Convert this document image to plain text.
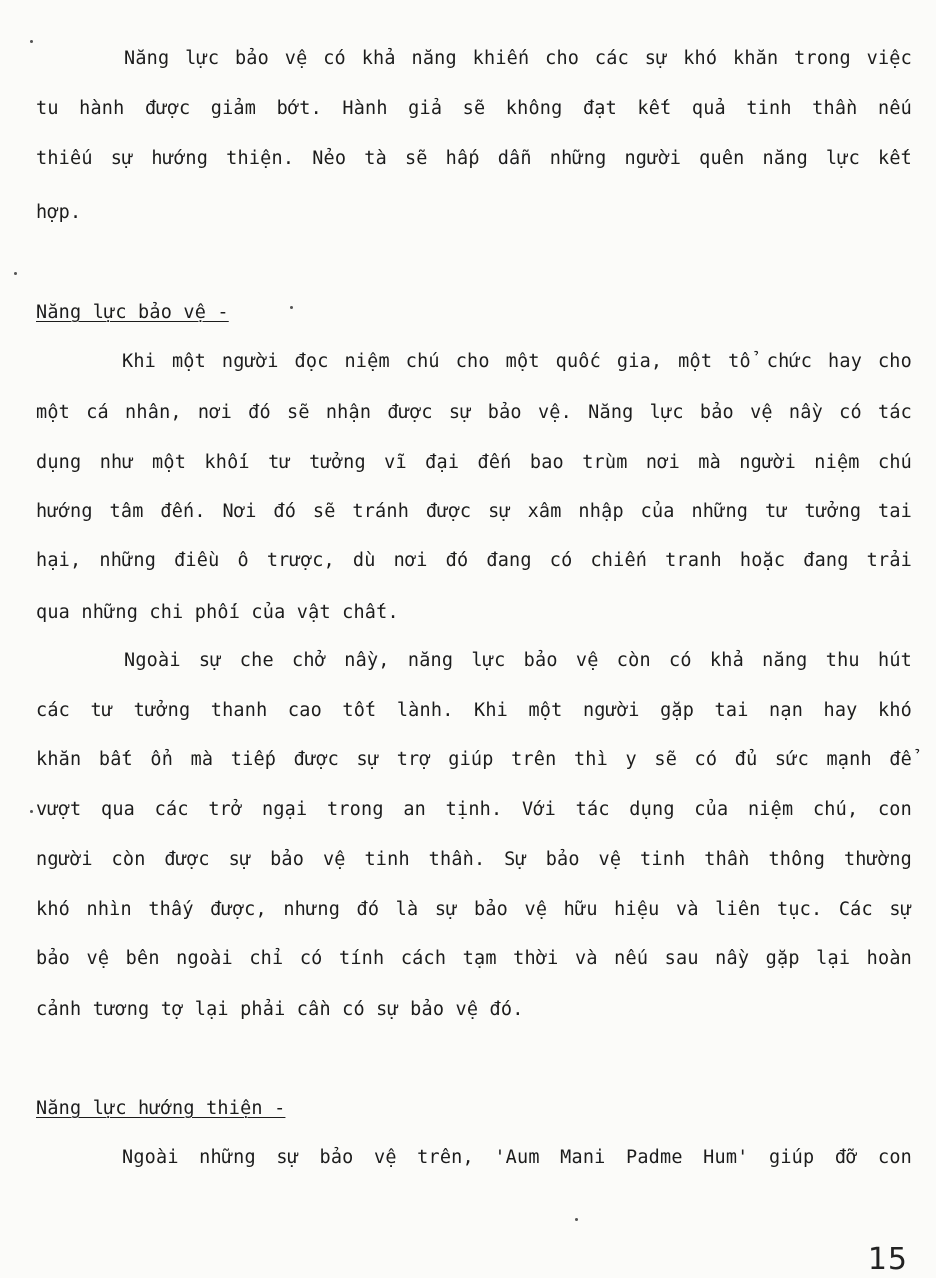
Năng lực bảo vệ có khả năng khiến cho các sự khó khăn trong việc
tu hành được giảm bớt. Hành giả sẽ không đạt kết quả tinh thần nếu
thiếu sự hướng thiện. Nẻo tà sẽ hấp dẫn những người quên năng lực kết
hợp.
Năng lực bảo vệ -
Khi một người đọc niệm chú cho một quốc gia, một tổ chức hay cho
một cá nhân, nơi đó sẽ nhận được sự bảo vệ. Năng lực bảo vệ nầy có tác
dụng như một khối tư tưởng vĩ đại đến bao trùm nơi mà người niệm chú
hướng tâm đến. Nơi đó sẽ tránh được sự xâm nhập của những tư tưởng tai
hại, những điều ô trược, dù nơi đó đang có chiến tranh hoặc đang trải
qua những chi phối của vật chất.
Ngoài sự che chở nầy, năng lực bảo vệ còn có khả năng thu hút
các tư tưởng thanh cao tốt lành. Khi một người gặp tai nạn hay khó
khăn bất ổn mà tiếp được sự trợ giúp trên thì y sẽ có đủ sức mạnh để
vượt qua các trở ngại trong an tịnh. Với tác dụng của niệm chú, con
người còn được sự bảo vệ tinh thần. Sự bảo vệ tinh thần thông thường
khó nhìn thấy được, nhưng đó là sự bảo vệ hữu hiệu và liên tục. Các sự
bảo vệ bên ngoài chỉ có tính cách tạm thời và nếu sau nầy gặp lại hoàn
cảnh tương tợ lại phải cần có sự bảo vệ đó.
Năng lực hướng thiện -
Ngoài những sự bảo vệ trên, 'Aum Mani Padme Hum' giúp đỡ con
15
